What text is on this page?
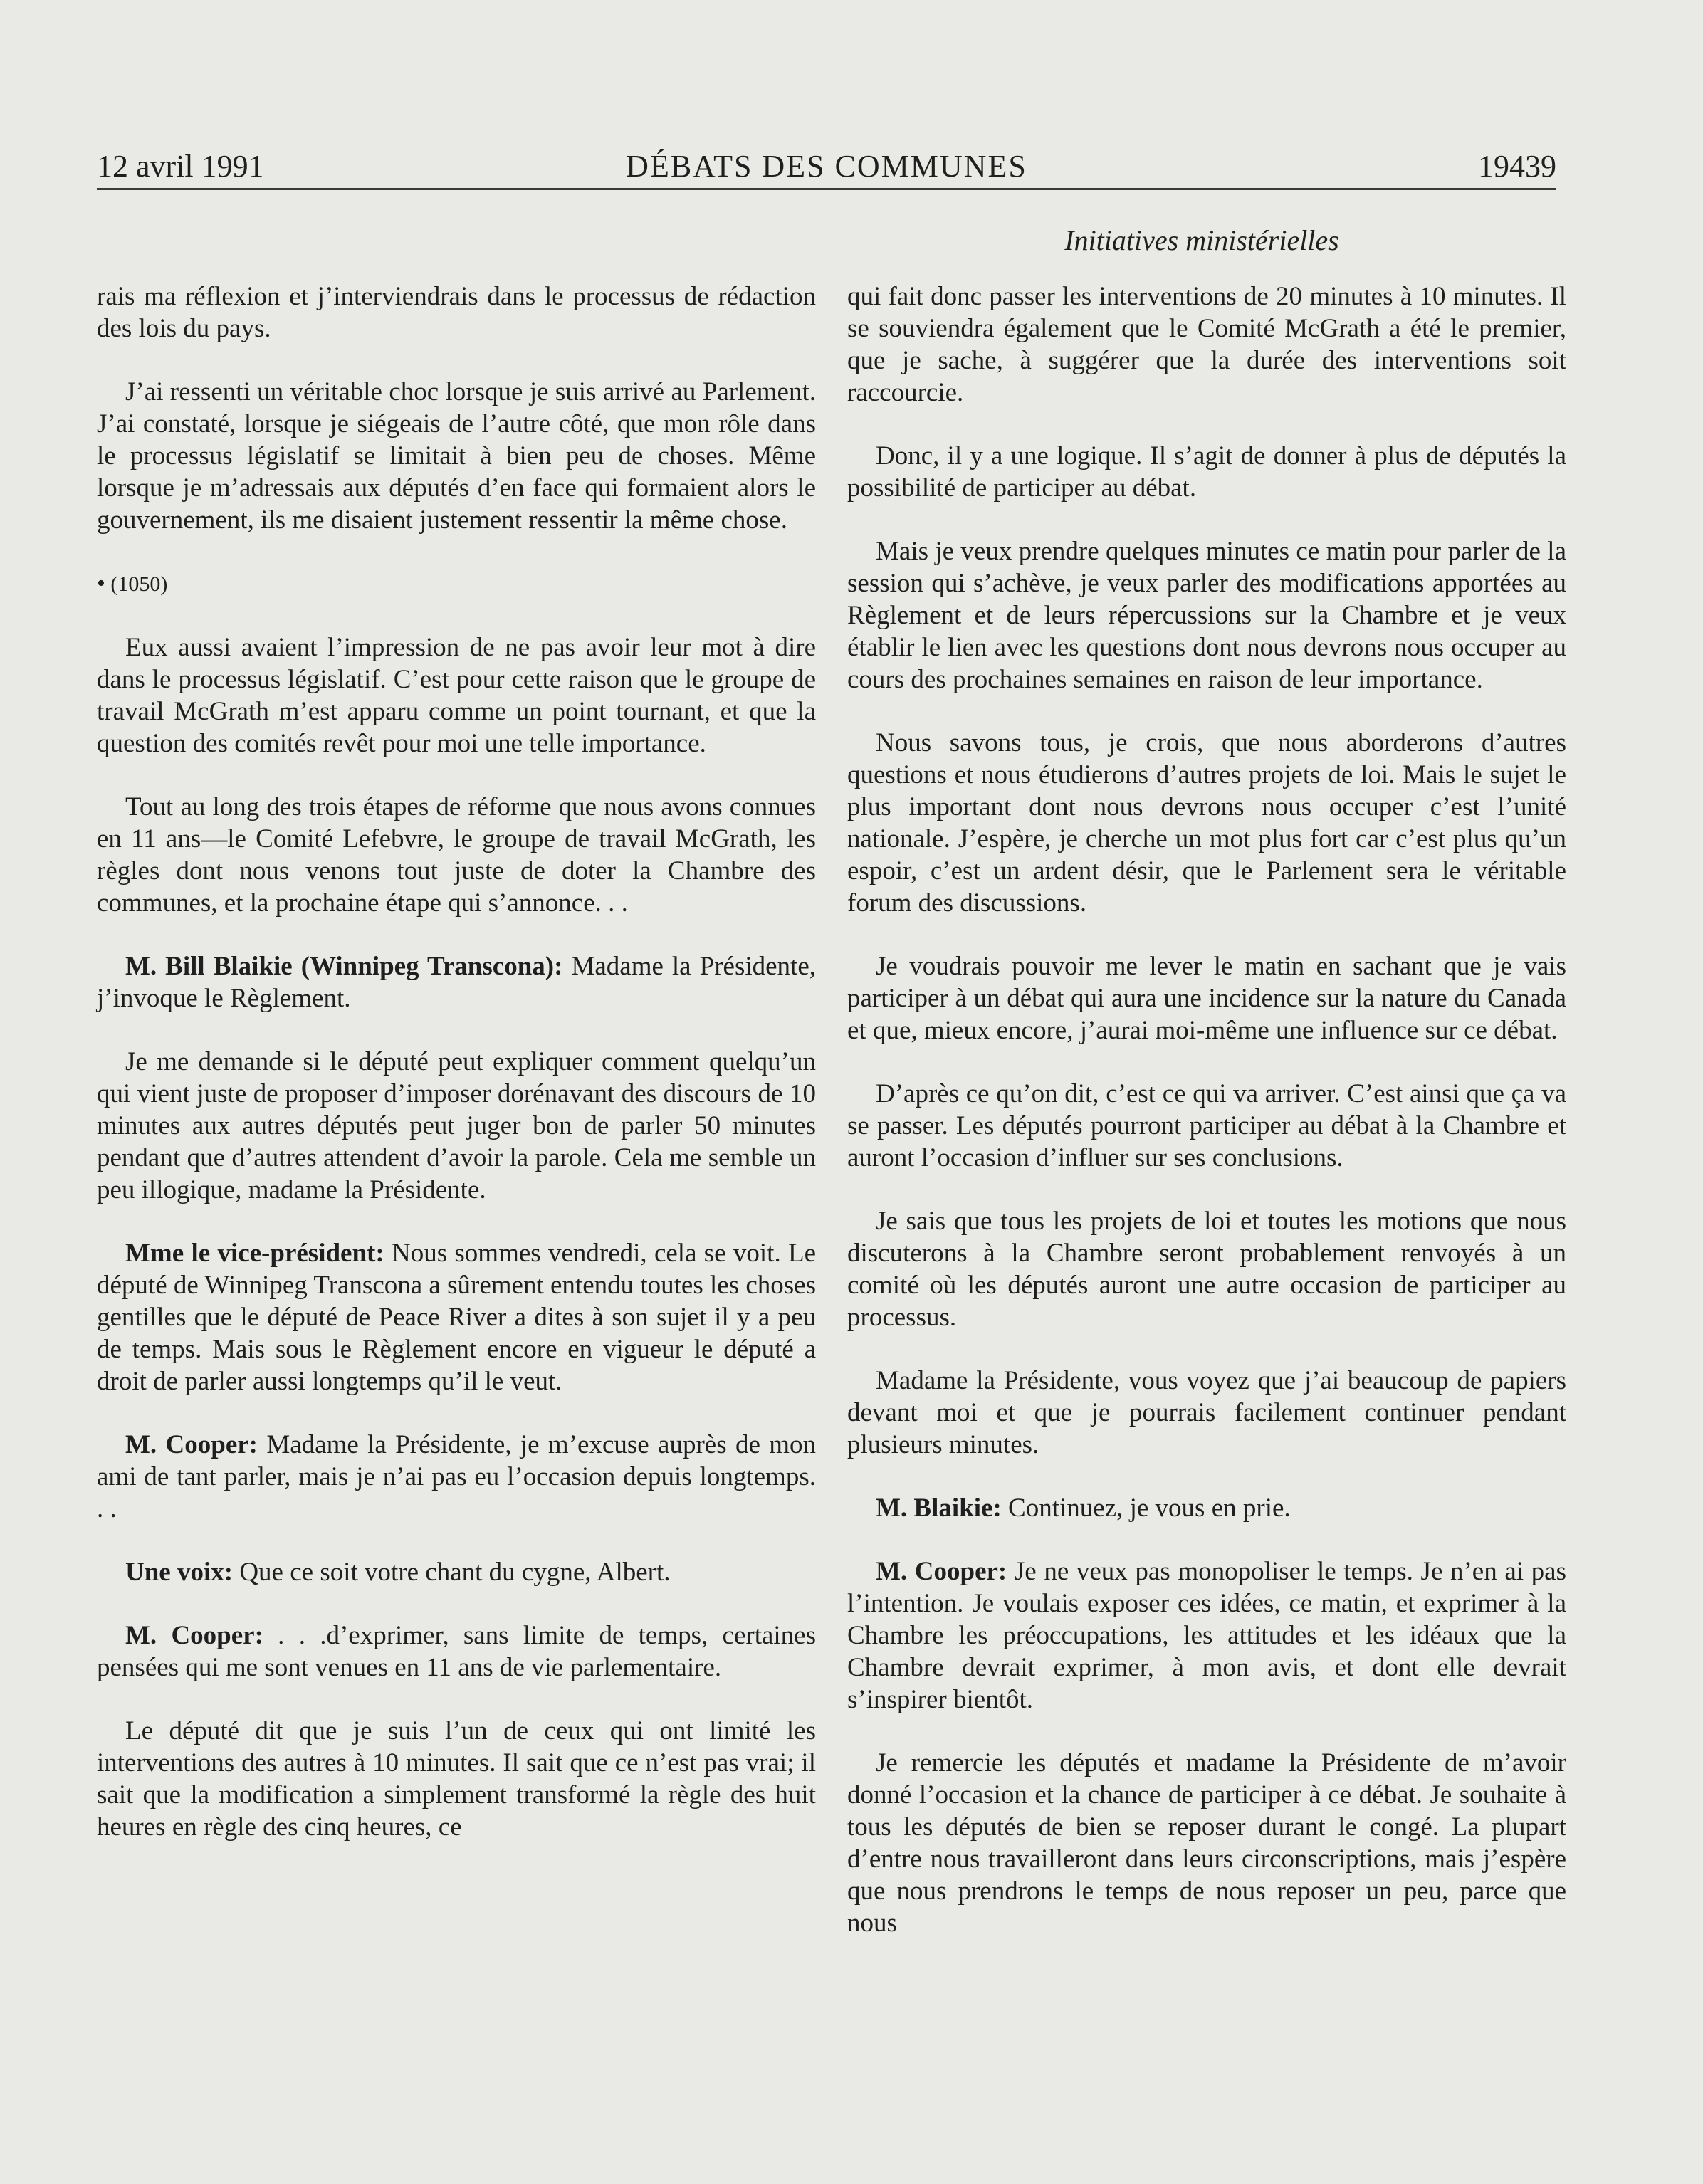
12 avril 1991	DÉBATS DES COMMUNES	19439
Initiatives ministérielles

rais ma réflexion et j’interviendrais dans le processus de rédaction des lois du pays.

J’ai ressenti un véritable choc lorsque je suis arrivé au Parlement. J’ai constaté, lorsque je siégeais de l’autre côté, que mon rôle dans le processus législatif se limitait à bien peu de choses. Même lorsque je m’adressais aux députés d’en face qui formaient alors le gouvernement, ils me disaient justement ressentir la même chose.

• (1050)

Eux aussi avaient l’impression de ne pas avoir leur mot à dire dans le processus législatif. C’est pour cette raison que le groupe de travail McGrath m’est apparu comme un point tournant, et que la question des comités revêt pour moi une telle importance.

Tout au long des trois étapes de réforme que nous avons connues en 11 ans—le Comité Lefebvre, le groupe de travail McGrath, les règles dont nous venons tout juste de doter la Chambre des communes, et la prochaine étape qui s’annonce. . .

M. Bill Blaikie (Winnipeg Transcona): Madame la Présidente, j’invoque le Règlement.

Je me demande si le député peut expliquer comment quelqu’un qui vient juste de proposer d’imposer dorénavant des discours de 10 minutes aux autres députés peut juger bon de parler 50 minutes pendant que d’autres attendent d’avoir la parole. Cela me semble un peu illogique, madame la Présidente.

Mme le vice-président: Nous sommes vendredi, cela se voit. Le député de Winnipeg Transcona a sûrement entendu toutes les choses gentilles que le député de Peace River a dites à son sujet il y a peu de temps. Mais sous le Règlement encore en vigueur le député a droit de parler aussi longtemps qu’il le veut.

M. Cooper: Madame la Présidente, je m’excuse auprès de mon ami de tant parler, mais je n’ai pas eu l’occasion depuis longtemps. . .

Une voix: Que ce soit votre chant du cygne, Albert.

M. Cooper: . . .d’exprimer, sans limite de temps, certaines pensées qui me sont venues en 11 ans de vie parlementaire.

Le député dit que je suis l’un de ceux qui ont limité les interventions des autres à 10 minutes. Il sait que ce n’est pas vrai; il sait que la modification a simplement transformé la règle des huit heures en règle des cinq heures, ce

qui fait donc passer les interventions de 20 minutes à 10 minutes. Il se souviendra également que le Comité McGrath a été le premier, que je sache, à suggérer que la durée des interventions soit raccourcie.

Donc, il y a une logique. Il s’agit de donner à plus de députés la possibilité de participer au débat.

Mais je veux prendre quelques minutes ce matin pour parler de la session qui s’achève, je veux parler des modifications apportées au Règlement et de leurs répercussions sur la Chambre et je veux établir le lien avec les questions dont nous devrons nous occuper au cours des prochaines semaines en raison de leur importance.

Nous savons tous, je crois, que nous aborderons d’autres questions et nous étudierons d’autres projets de loi. Mais le sujet le plus important dont nous devrons nous occuper c’est l’unité nationale. J’espère, je cherche un mot plus fort car c’est plus qu’un espoir, c’est un ardent désir, que le Parlement sera le véritable forum des discussions.

Je voudrais pouvoir me lever le matin en sachant que je vais participer à un débat qui aura une incidence sur la nature du Canada et que, mieux encore, j’aurai moi-même une influence sur ce débat.

D’après ce qu’on dit, c’est ce qui va arriver. C’est ainsi que ça va se passer. Les députés pourront participer au débat à la Chambre et auront l’occasion d’influer sur ses conclusions.

Je sais que tous les projets de loi et toutes les motions que nous discuterons à la Chambre seront probablement renvoyés à un comité où les députés auront une autre occasion de participer au processus.

Madame la Présidente, vous voyez que j’ai beaucoup de papiers devant moi et que je pourrais facilement continuer pendant plusieurs minutes.

M. Blaikie: Continuez, je vous en prie.

M. Cooper: Je ne veux pas monopoliser le temps. Je n’en ai pas l’intention. Je voulais exposer ces idées, ce matin, et exprimer à la Chambre les préoccupations, les attitudes et les idéaux que la Chambre devrait exprimer, à mon avis, et dont elle devrait s’inspirer bientôt.

Je remercie les députés et madame la Présidente de m’avoir donné l’occasion et la chance de participer à ce débat. Je souhaite à tous les députés de bien se reposer durant le congé. La plupart d’entre nous travailleront dans leurs circonscriptions, mais j’espère que nous prendrons le temps de nous reposer un peu, parce que nous
